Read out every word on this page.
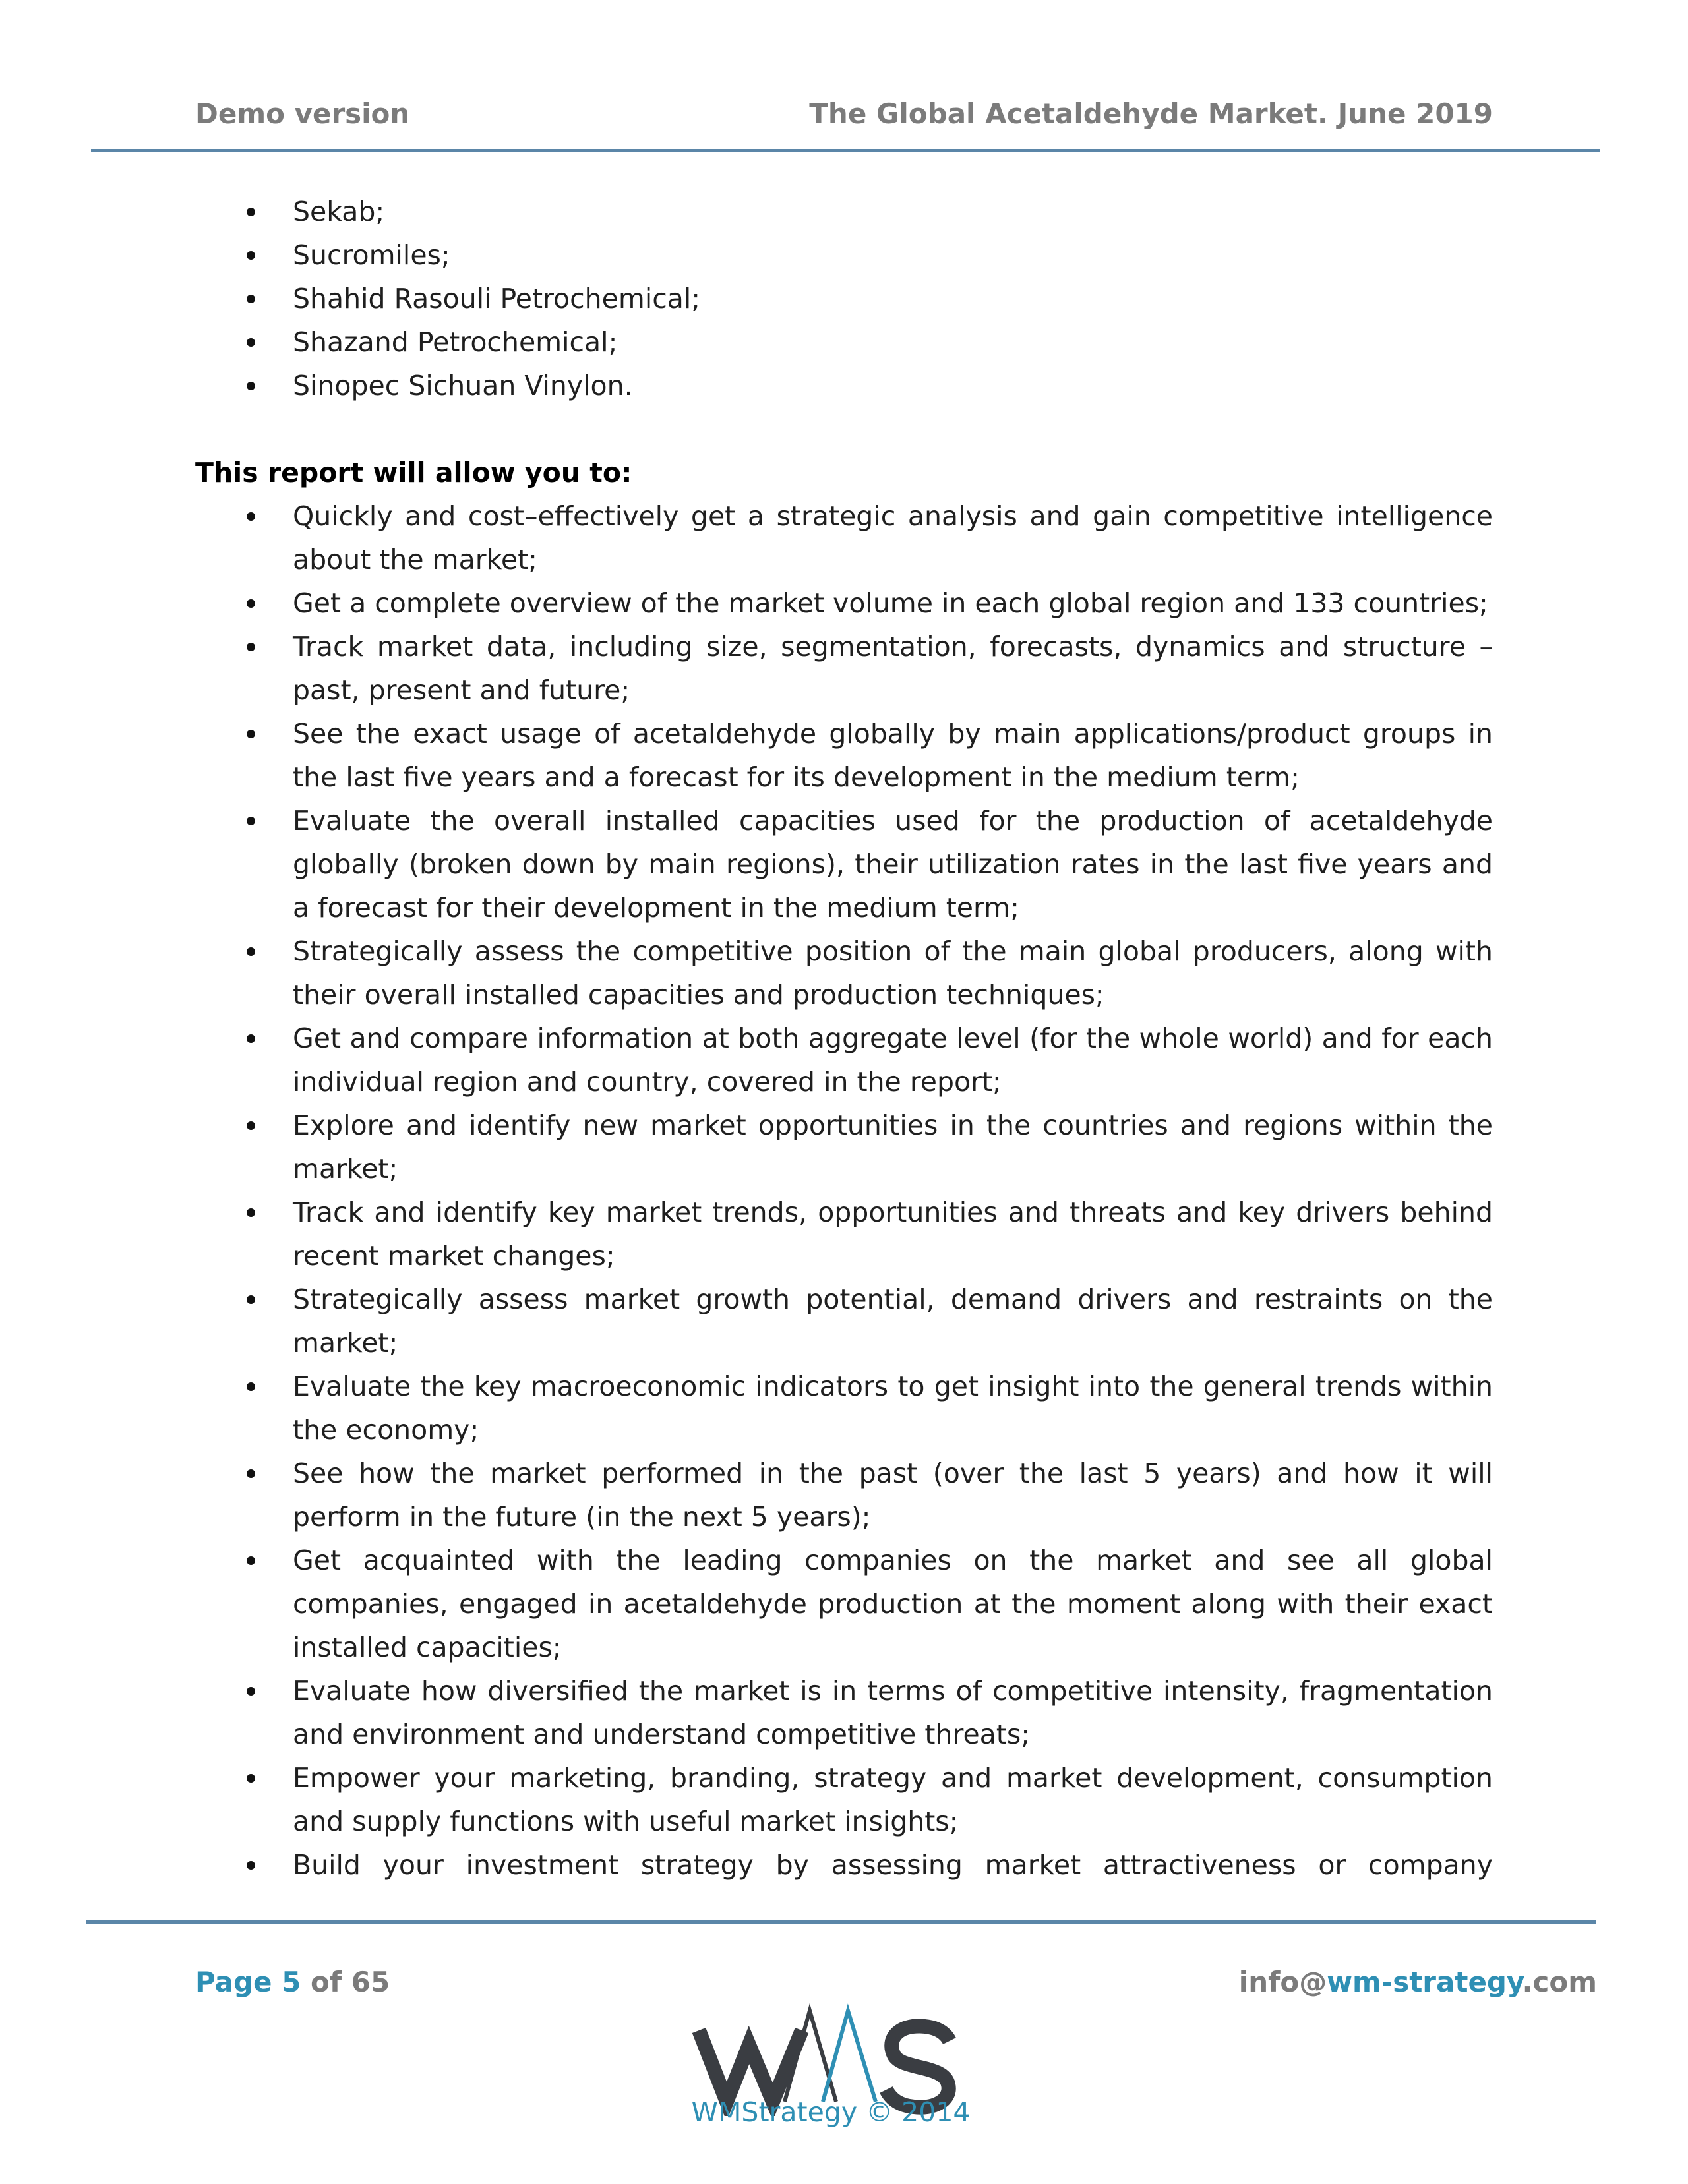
Demo version	The Global Acetaldehyde Market. June 2019
Sekab;
Sucromiles;
Shahid Rasouli Petrochemical;
Shazand Petrochemical;
Sinopec Sichuan Vinylon.
This report will allow you to:
Quickly and cost–effectively get a strategic analysis and gain competitive intelligence about the market;
Get a complete overview of the market volume in each global region and 133 countries;
Track market data, including size, segmentation, forecasts, dynamics and structure – past, present and future;
See the exact usage of acetaldehyde globally by main applications/product groups in the last five years and a forecast for its development in the medium term;
Evaluate the overall installed capacities used for the production of acetaldehyde globally (broken down by main regions), their utilization rates in the last five years and a forecast for their development in the medium term;
Strategically assess the competitive position of the main global producers, along with their overall installed capacities and production techniques;
Get and compare information at both aggregate level (for the whole world) and for each individual region and country, covered in the report;
Explore and identify new market opportunities in the countries and regions within the market;
Track and identify key market trends, opportunities and threats and key drivers behind recent market changes;
Strategically assess market growth potential, demand drivers and restraints on the market;
Evaluate the key macroeconomic indicators to get insight into the general trends within the economy;
See how the market performed in the past (over the last 5 years) and how it will perform in the future (in the next 5 years);
Get acquainted with the leading companies on the market and see all global companies, engaged in acetaldehyde production at the moment along with their exact installed capacities;
Evaluate how diversified the market is in terms of competitive intensity, fragmentation and environment and understand competitive threats;
Empower your marketing, branding, strategy and market development, consumption and supply functions with useful market insights;
Build your investment strategy by assessing market attractiveness or company
Page 5 of 65	info@wm-strategy.com
WMS
WMStrategy © 2014
